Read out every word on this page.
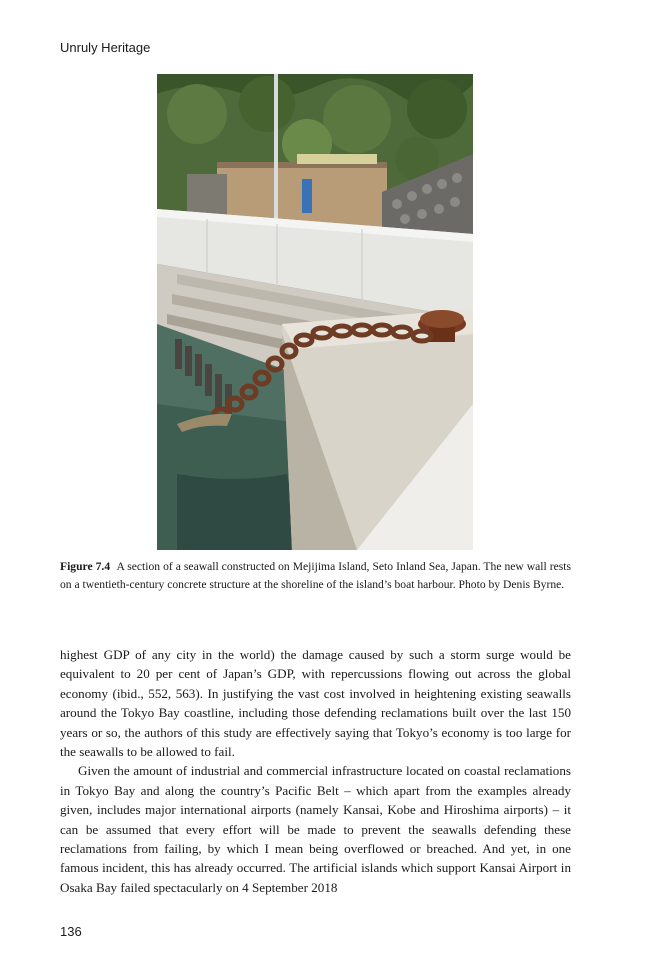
Unruly Heritage
Figure 7.4 A section of a seawall constructed on Mejijima Island, Seto Inland Sea, Japan. The new wall rests on a twentieth-century concrete structure at the shoreline of the island’s boat harbour. Photo by Denis Byrne.

highest GDP of any city in the world) the damage caused by such a storm surge would be equivalent to 20 per cent of Japan’s GDP, with repercussions flowing out across the global economy (ibid., 552, 563). In justifying the vast cost involved in heightening existing seawalls around the Tokyo Bay coastline, including those defending reclamations built over the last 150 years or so, the authors of this study are effectively saying that Tokyo’s economy is too large for the seawalls to be allowed to fail.

Given the amount of industrial and commercial infrastructure located on coastal reclamations in Tokyo Bay and along the country’s Pacific Belt – which apart from the examples already given, includes major international airports (namely Kansai, Kobe and Hiroshima airports) – it can be assumed that every effort will be made to prevent the seawalls defending these reclamations from failing, by which I mean being overflowed or breached. And yet, in one famous incident, this has already occurred. The artificial islands which support Kansai Airport in Osaka Bay failed spectacularly on 4 September 2018

136
